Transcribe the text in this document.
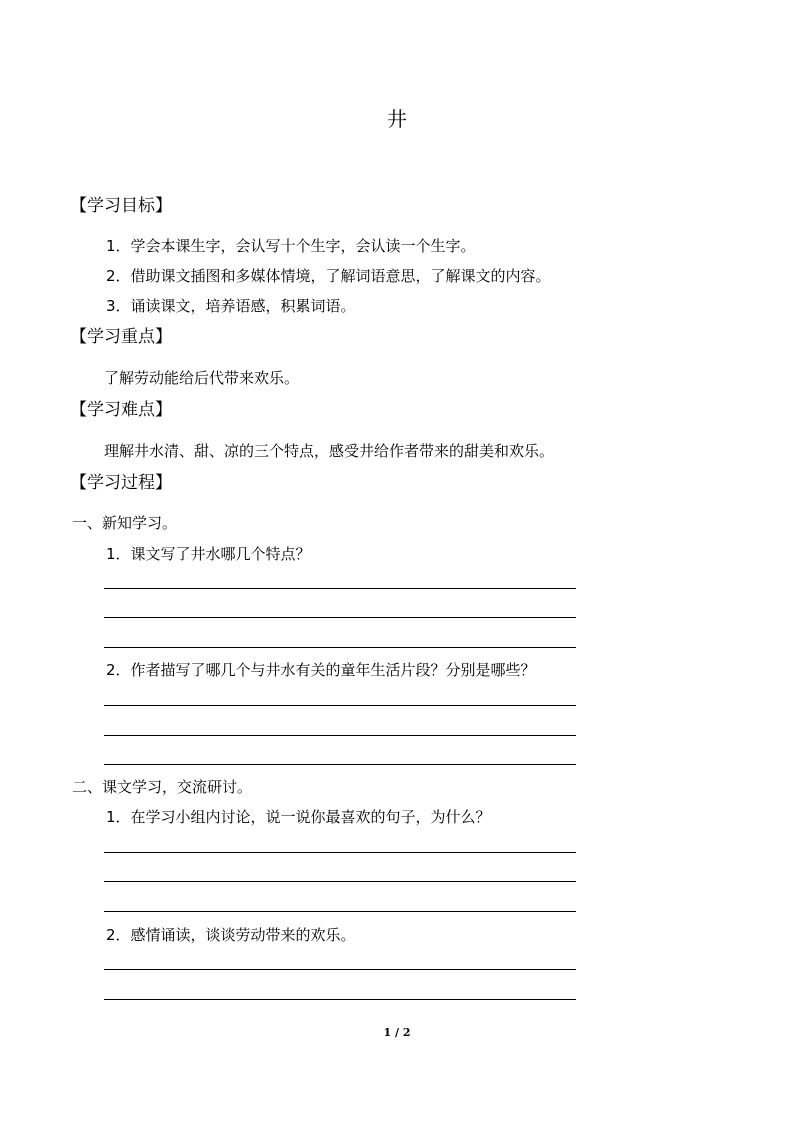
井
【学习目标】
1．学会本课生字，会认写十个生字，会认读一个生字。
2．借助课文插图和多媒体情境，了解词语意思，了解课文的内容。
3．诵读课文，培养语感，积累词语。
【学习重点】
了解劳动能给后代带来欢乐。
【学习难点】
理解井水清、甜、凉的三个特点，感受井给作者带来的甜美和欢乐。
【学习过程】
一、新知学习。
1．课文写了井水哪几个特点？
2．作者描写了哪几个与井水有关的童年生活片段？分别是哪些？
二、课文学习，交流研讨。
1．在学习小组内讨论，说一说你最喜欢的句子，为什么？
2．感情诵读，谈谈劳动带来的欢乐。
1 / 2
